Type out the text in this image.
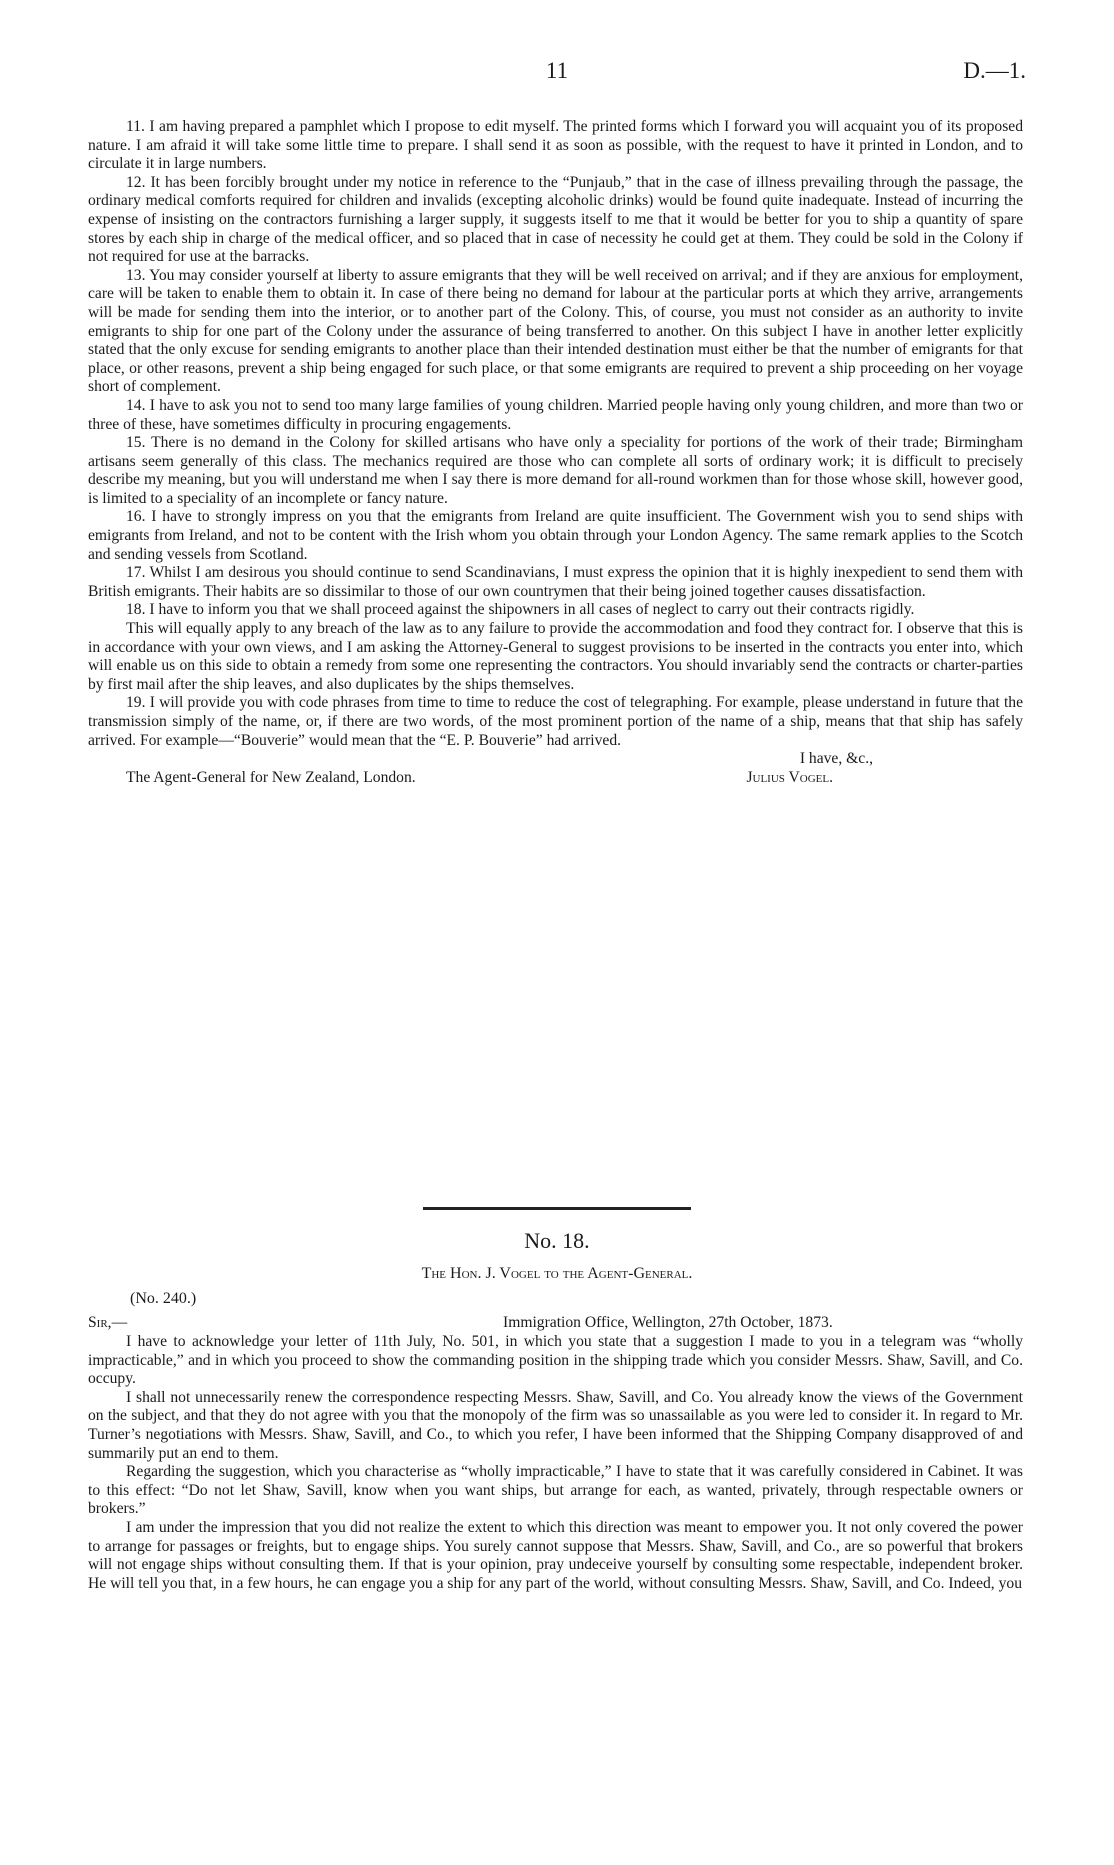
11	D.—1.

11. I am having prepared a pamphlet which I propose to edit myself. The printed forms which I forward you will acquaint you of its proposed nature. I am afraid it will take some little time to prepare. I shall send it as soon as possible, with the request to have it printed in London, and to circulate it in large numbers.

12. It has been forcibly brought under my notice in reference to the “Punjaub,” that in the case of illness prevailing through the passage, the ordinary medical comforts required for children and invalids (excepting alcoholic drinks) would be found quite inadequate. Instead of incurring the expense of insisting on the contractors furnishing a larger supply, it suggests itself to me that it would be better for you to ship a quantity of spare stores by each ship in charge of the medical officer, and so placed that in case of necessity he could get at them. They could be sold in the Colony if not required for use at the barracks.

13. You may consider yourself at liberty to assure emigrants that they will be well received on arrival; and if they are anxious for employment, care will be taken to enable them to obtain it. In case of there being no demand for labour at the particular ports at which they arrive, arrangements will be made for sending them into the interior, or to another part of the Colony. This, of course, you must not consider as an authority to invite emigrants to ship for one part of the Colony under the assurance of being transferred to another. On this subject I have in another letter explicitly stated that the only excuse for sending emigrants to another place than their intended destination must either be that the number of emigrants for that place, or other reasons, prevent a ship being engaged for such place, or that some emigrants are required to prevent a ship proceeding on her voyage short of complement.

14. I have to ask you not to send too many large families of young children. Married people having only young children, and more than two or three of these, have sometimes difficulty in procuring engagements.

15. There is no demand in the Colony for skilled artisans who have only a speciality for portions of the work of their trade; Birmingham artisans seem generally of this class. The mechanics required are those who can complete all sorts of ordinary work; it is difficult to precisely describe my meaning, but you will understand me when I say there is more demand for all-round workmen than for those whose skill, however good, is limited to a speciality of an incomplete or fancy nature.

16. I have to strongly impress on you that the emigrants from Ireland are quite insufficient. The Government wish you to send ships with emigrants from Ireland, and not to be content with the Irish whom you obtain through your London Agency. The same remark applies to the Scotch and sending vessels from Scotland.

17. Whilst I am desirous you should continue to send Scandinavians, I must express the opinion that it is highly inexpedient to send them with British emigrants. Their habits are so dissimilar to those of our own countrymen that their being joined together causes dissatisfaction.

18. I have to inform you that we shall proceed against the shipowners in all cases of neglect to carry out their contracts rigidly.

This will equally apply to any breach of the law as to any failure to provide the accommodation and food they contract for. I observe that this is in accordance with your own views, and I am asking the Attorney-General to suggest provisions to be inserted in the contracts you enter into, which will enable us on this side to obtain a remedy from some one representing the contractors. You should invariably send the contracts or charter-parties by first mail after the ship leaves, and also duplicates by the ships themselves.

19. I will provide you with code phrases from time to time to reduce the cost of telegraphing. For example, please understand in future that the transmission simply of the name, or, if there are two words, of the most prominent portion of the name of a ship, means that that ship has safely arrived. For example—“Bouverie” would mean that the “E. P. Bouverie” had arrived.

I have, &c.,
The Agent-General for New Zealand, London.	Julius Vogel.
No. 18.
The Hon. J. Vogel to the Agent-General.
(No. 240.)
Sir,—	Immigration Office, Wellington, 27th October, 1873.

I have to acknowledge your letter of 11th July, No. 501, in which you state that a suggestion I made to you in a telegram was “wholly impracticable,” and in which you proceed to show the commanding position in the shipping trade which you consider Messrs. Shaw, Savill, and Co. occupy.

I shall not unnecessarily renew the correspondence respecting Messrs. Shaw, Savill, and Co. You already know the views of the Government on the subject, and that they do not agree with you that the monopoly of the firm was so unassailable as you were led to consider it. In regard to Mr. Turner’s negotiations with Messrs. Shaw, Savill, and Co., to which you refer, I have been informed that the Shipping Company disapproved of and summarily put an end to them.

Regarding the suggestion, which you characterise as “wholly impracticable,” I have to state that it was carefully considered in Cabinet. It was to this effect: “Do not let Shaw, Savill, know when you want ships, but arrange for each, as wanted, privately, through respectable owners or brokers.”

I am under the impression that you did not realize the extent to which this direction was meant to empower you. It not only covered the power to arrange for passages or freights, but to engage ships. You surely cannot suppose that Messrs. Shaw, Savill, and Co., are so powerful that brokers will not engage ships without consulting them. If that is your opinion, pray undeceive yourself by consulting some respectable, independent broker. He will tell you that, in a few hours, he can engage you a ship for any part of the world, without consulting Messrs. Shaw, Savill, and Co. Indeed, you
